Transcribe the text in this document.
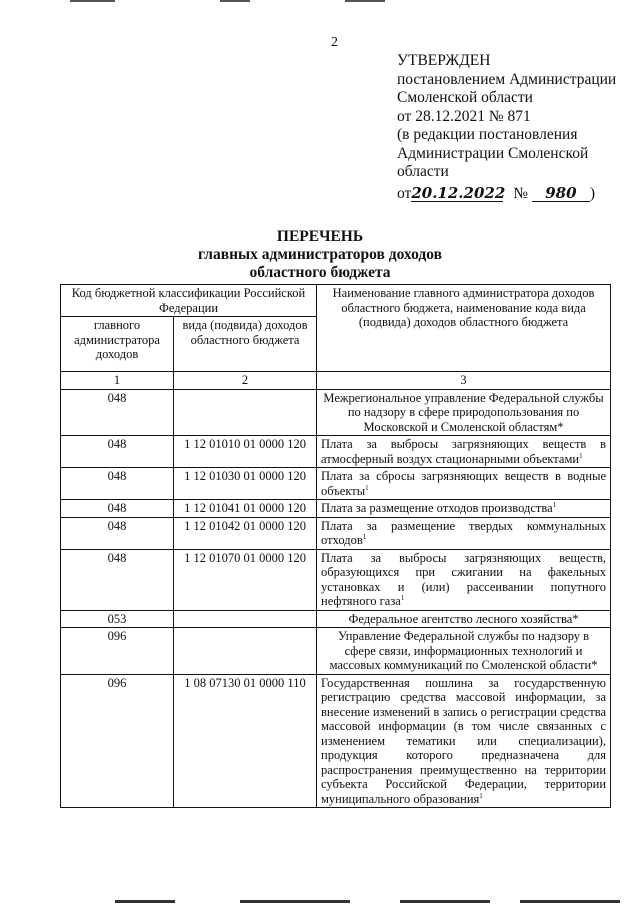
2
УТВЕРЖДЕН
постановлением Администрации
Смоленской области
от 28.12.2021 № 871
(в редакции постановления
Администрации Смоленской
области
от20.12.2022 № 980 )
ПЕРЕЧЕНЬ
главных администраторов доходов
областного бюджета
Код бюджетной классификации Российской Федерации		Наименование главного администратора доходов областного бюджета, наименование кода вида (подвида) доходов областного бюджета
главного администратора доходов	вида (подвида) доходов областного бюджета	
1	2	3
048		Межрегиональное управление Федеральной службы по надзору в сфере природопользования по Московской и Смоленской областям*
048	1 12 01010 01 0000 120	Плата за выбросы загрязняющих веществ в атмосферный воздух стационарными объектами$^1$
048	1 12 01030 01 0000 120	Плата за сбросы загрязняющих веществ в водные объекты$^1$
048	1 12 01041 01 0000 120	Плата за размещение отходов производства$^1$
048	1 12 01042 01 0000 120	Плата за размещение твердых коммунальных отходов$^1$
048	1 12 01070 01 0000 120	Плата за выбросы загрязняющих веществ, образующихся при сжигании на факельных установках и (или) рассеивании попутного нефтяного газа$^1$
053		Федеральное агентство лесного хозяйства*
096		Управление Федеральной службы по надзору в сфере связи, информационных технологий и массовых коммуникаций по Смоленской области*
096	1 08 07130 01 0000 110	Государственная пошлина за государственную регистрацию средства массовой информации, за внесение изменений в запись о регистрации средства массовой информации (в том числе связанных с изменением тематики или специализации), продукция которого предназначена для распространения преимущественно на территории субъекта Российской Федерации, территории муниципального образования$^1$
